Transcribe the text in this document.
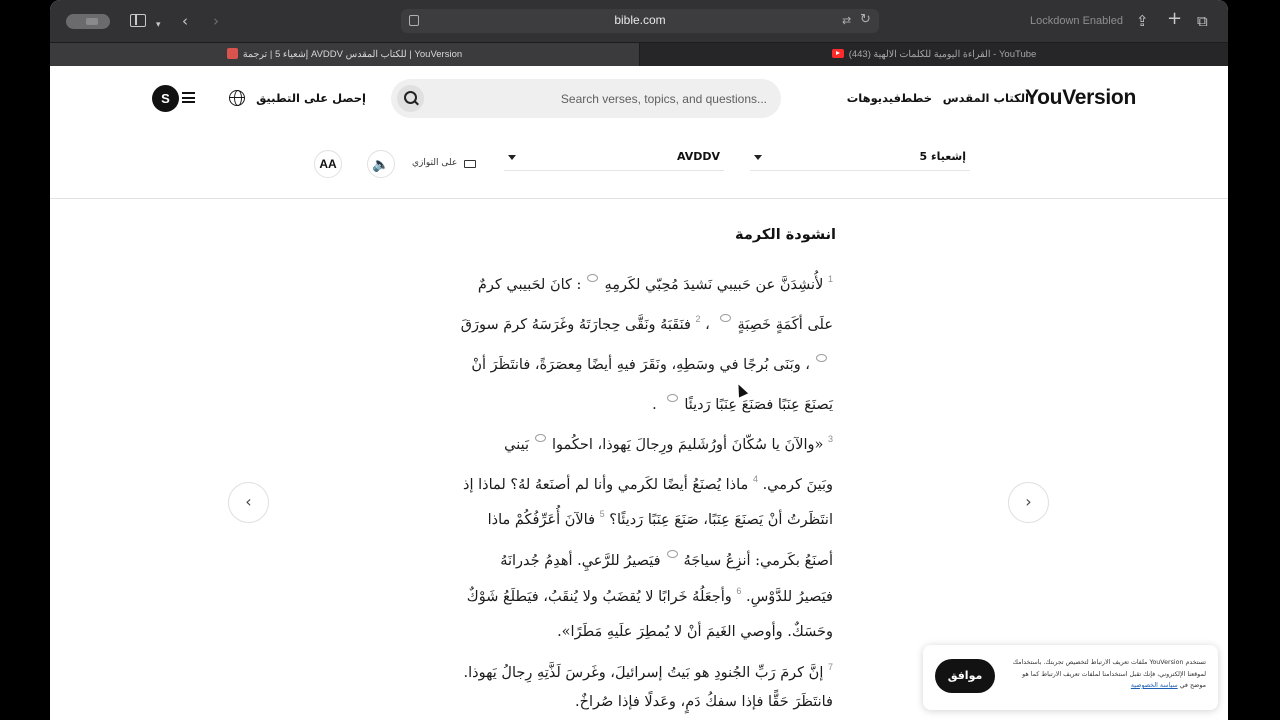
▾ ‹ ›	bible.com	⇄ ↻	Lockdown Enabled ⇪ + ⧉
إشعياء 5 | ترجمة AVDDV للكتاب المقدس | YouVersion	(443) القراءة اليومية للكلمات الالهية - YouTube
YouVersion
الكتاب المقدس
خطط
فيديوهات
Search verses, topics, and questions...
إحصل على التطبيق
S
إشعياء 5
AVDDV
على التوازي
🔈
AA
انشودة الكرمة
$^1$ لأُنشِدَنَّ عن حَبيبي نَشيدَ مُحِبّي لكَرمِهِ: كانَ لحَبيبي كرمٌ
علَى أكَمَةٍ خَصِبَةٍ ، $^2$ فنَقَبَهُ ونَقَّى حِجارَتَهُ وغَرَسَهُ كرمَ سورَقَ
، وبَنَى بُرجًا في وسَطِهِ، ونَقَرَ فيهِ أيضًا مِعصَرَةً، فانتَظَرَ أنْ
يَصنَعَ عِنَبًا فصَنَعَ عِنَبًا رَديئًا .
$^3$ «والآنَ يا سُكّانَ أورُشَليمَ ورِجالَ يَهوذا، احكُموابَيني
وبَينَ كرمي. $^4$ ماذا يُصنَعُ أيضًا لكَرمي وأنا لم أصنَعهُ لهُ؟ لماذا إذ
انتَظَرتُ أنْ يَصنَعَ عِنَبًا، صَنَعَ عِنَبًا رَديئًا؟ $^5$ فالآنَ أُعَرِّفُكُمْ ماذا
أصنَعُ بكَرمي: أنزِعُ سياجَهُفيَصيرُ للرَّعيِ. أهدِمُ جُدرانَهُ
فيَصيرُ للدَّوْسِ. $^6$ وأجعَلُهُ خَرابًا لا يُقضَبُ ولا يُنقَبُ، فيَطلَعُ شَوْكٌ
وحَسَكٌ. وأوصي الغَيمَ أنْ لا يُمطِرَ علَيهِ مَطَرًا».
$^7$ إنَّ كرمَ رَبِّ الجُنودِ هو بَيتُ إسرائيلَ، وغَرسَ لَذَّتِهِ رِجالُ يَهوذا.
فانتَظَرَ حَقًّا فإذا سفكُ دَمٍ، وعَدلًا فإذا صُراخٌ.
‹	›
تستخدم YouVersion ملفات تعريف الارتباط لتخصيص تجربتك. باستخدامك لموقعنا الإلكتروني، فإنك تقبل استخدامنا لملفات تعريف الارتباط كما هو موضح في سياسة الخصوصية
موافق
